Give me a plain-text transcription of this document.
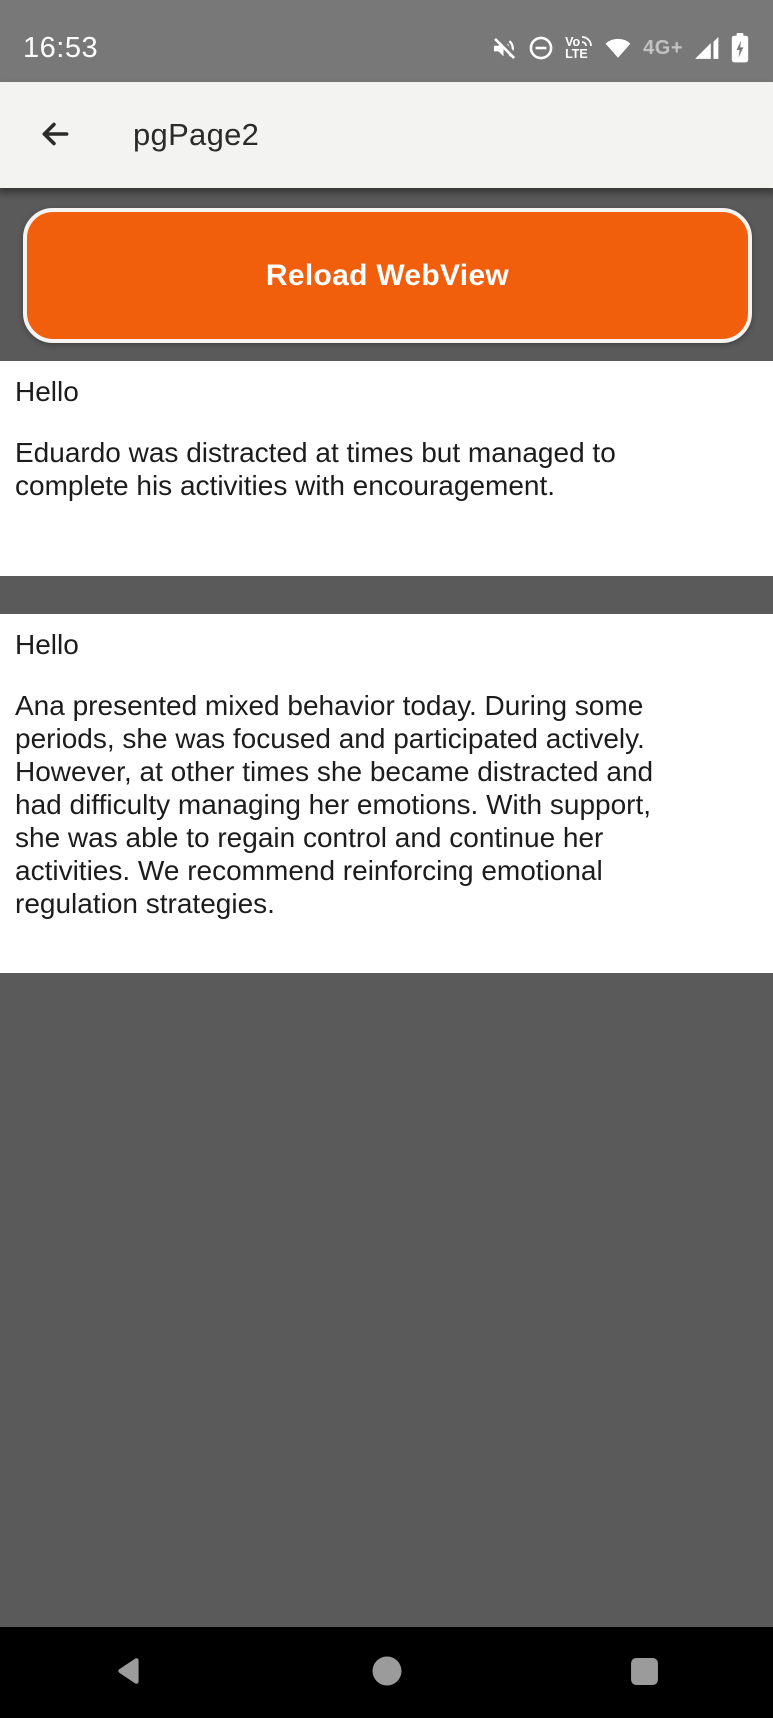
16:53	Vo
LTE	4G+
pgPage2
Reload WebView

Hello

Eduardo was distracted at times but managed to complete his activities with encouragement.

Hello

Ana presented mixed behavior today. During some periods, she was focused and participated actively. However, at other times she became distracted and had difficulty managing her emotions. With support, she was able to regain control and continue her activities. We recommend reinforcing emotional regulation strategies.
